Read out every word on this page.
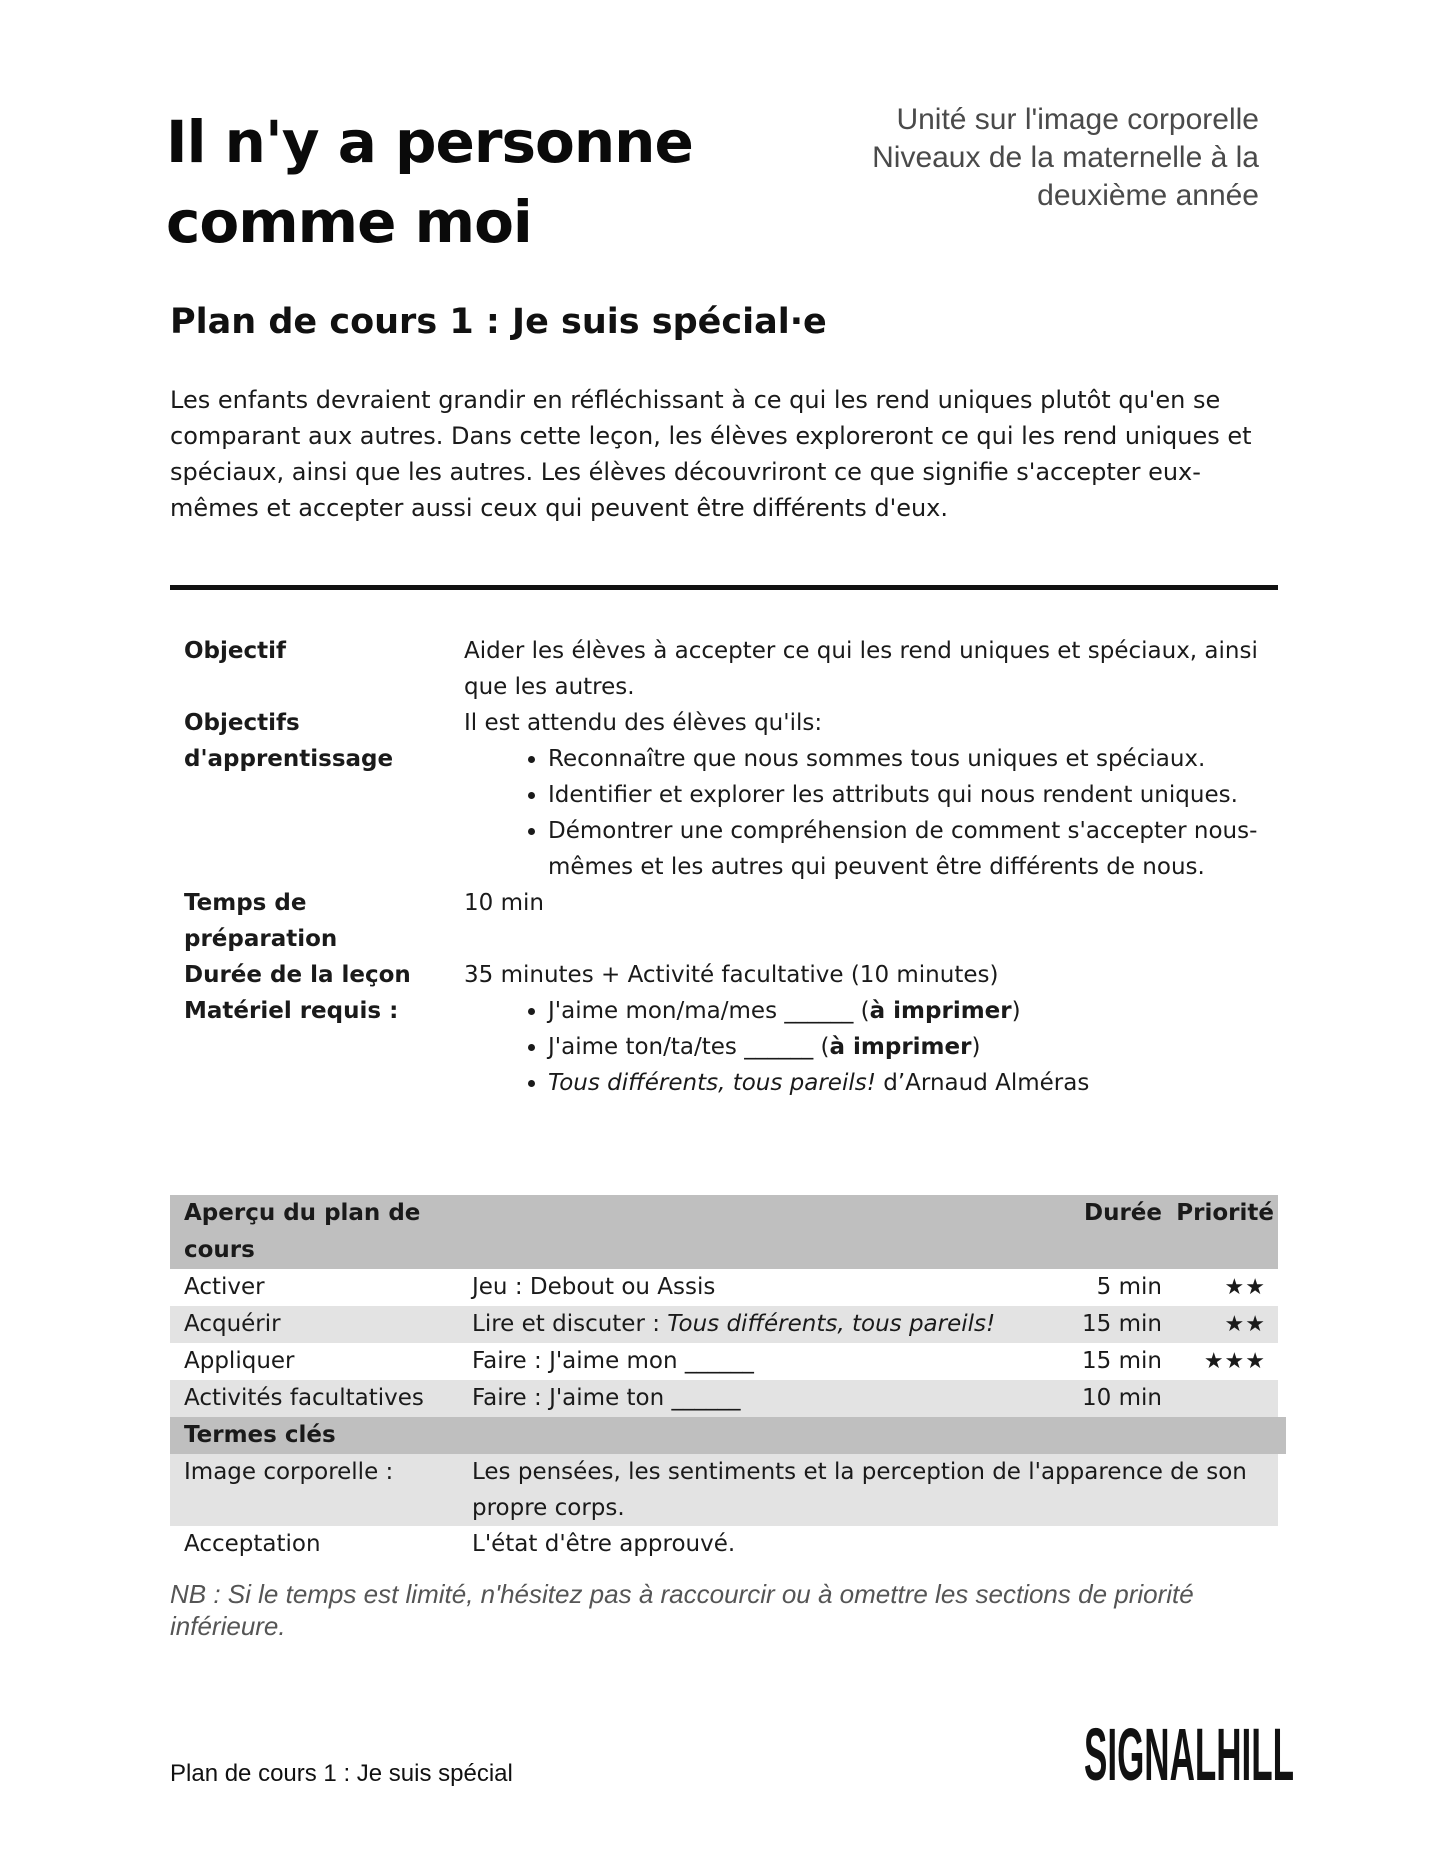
Il n'y a personne
comme moi
Unité sur l'image corporelle
Niveaux de la maternelle à la
deuxième année
Plan de cours 1 : Je suis spécial·e
Les enfants devraient grandir en réfléchissant à ce qui les rend uniques plutôt qu'en se comparant aux autres. Dans cette leçon, les élèves exploreront ce qui les rend uniques et spéciaux, ainsi que les autres. Les élèves découvriront ce que signifie s'accepter eux-mêmes et accepter aussi ceux qui peuvent être différents d'eux.
Objectif	Aider les élèves à accepter ce qui les rend uniques et spéciaux, ainsi que les autres.
Objectifs
d'apprentissage
Il est attendu des élèves qu'ils:
• Reconnaître que nous sommes tous uniques et spéciaux.
• Identifier et explorer les attributs qui nous rendent uniques.
• Démontrer une compréhension de comment s'accepter nous-mêmes et les autres qui peuvent être différents de nous.
Temps de
préparation
10 min
Durée de la leçon	35 minutes + Activité facultative (10 minutes)
Matériel requis :
•	J'aime mon/ma/mes ______ (à imprimer)
• J'aime ton/ta/tes ______ (à imprimer)
• Tous différents, tous pareils! d’Arnaud Alméras
Aperçu du plan de cours
Durée Priorité
Activer	Jeu : Debout ou Assis	5 min	★★
Acquérir	Lire et discuter : Tous différents, tous pareils!	15 min	★★
Appliquer	Faire : J'aime mon ______	15 min	★★★
Activités facultatives	Faire : J'aime ton ______	10 min
Termes clés
Image corporelle :	Les pensées, les sentiments et la perception de l'apparence de son propre corps.
Acceptation	L'état d'être approuvé.
NB : Si le temps est limité, n'hésitez pas à raccourcir ou à omettre les sections de priorité inférieure.
Plan de cours 1 : Je suis spécial	SIGNALHILL
